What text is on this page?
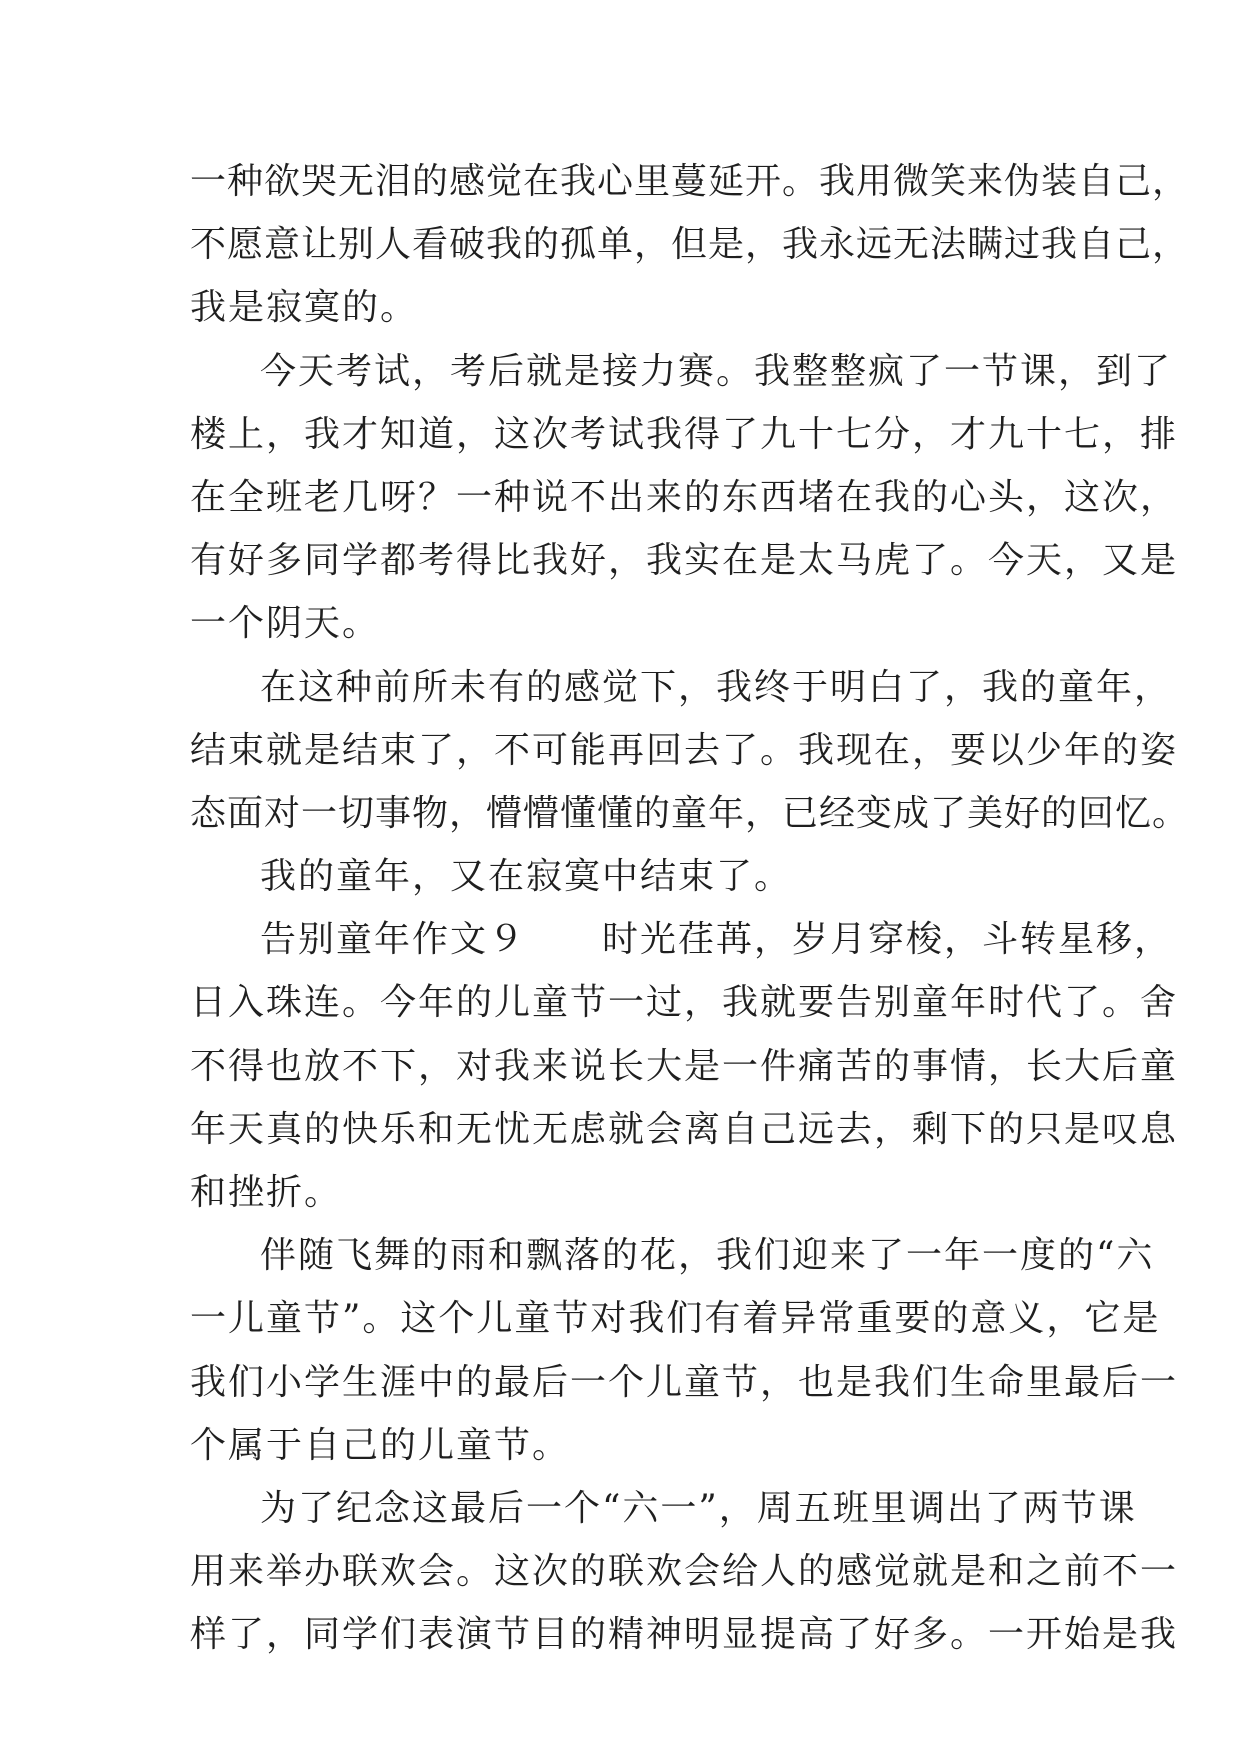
一种欲哭无泪的感觉在我心里蔓延开。我用微笑来伪装自己，
不愿意让别人看破我的孤单，但是，我永远无法瞒过我自己，
我是寂寞的。
今天考试，考后就是接力赛。我整整疯了一节课，到了
楼上，我才知道，这次考试我得了九十七分，才九十七，排
在全班老几呀？一种说不出来的东西堵在我的心头，这次，
有好多同学都考得比我好，我实在是太马虎了。今天，又是
一个阴天。
在这种前所未有的感觉下，我终于明白了，我的童年，
结束就是结束了，不可能再回去了。我现在，要以少年的姿
态面对一切事物，懵懵懂懂的童年，已经变成了美好的回忆。
我的童年，又在寂寞中结束了。
告别童年作文９　　时光荏苒，岁月穿梭，斗转星移，
日入珠连。今年的儿童节一过，我就要告别童年时代了。舍
不得也放不下，对我来说长大是一件痛苦的事情，长大后童
年天真的快乐和无忧无虑就会离自己远去，剩下的只是叹息
和挫折。
伴随飞舞的雨和飘落的花，我们迎来了一年一度的“六
一儿童节”。这个儿童节对我们有着异常重要的意义，它是
我们小学生涯中的最后一个儿童节，也是我们生命里最后一
个属于自己的儿童节。
为了纪念这最后一个“六一”，周五班里调出了两节课
用来举办联欢会。这次的联欢会给人的感觉就是和之前不一
样了，同学们表演节目的精神明显提高了好多。一开始是我
